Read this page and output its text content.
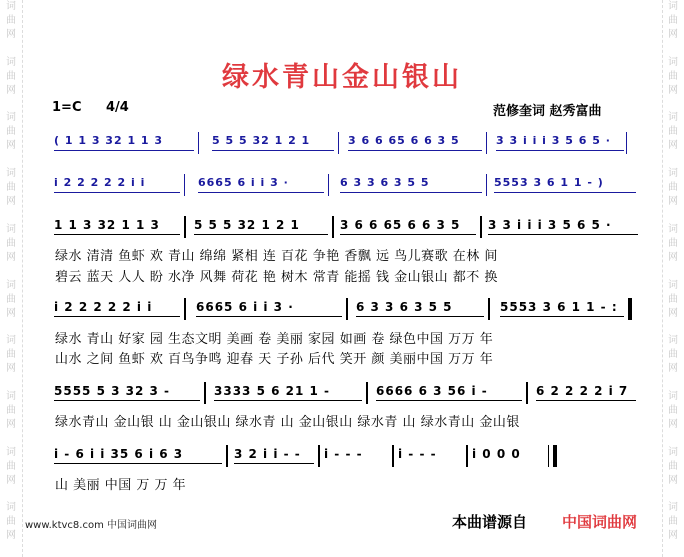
词
曲
网
词
曲
网
词
曲
网
词
曲
网
词
曲
网
词
曲
网
词
曲
网
词
曲
网
词
曲
网
词
曲
网
词
曲
网
词
曲
网
词
曲
网
词
曲
网
词
曲
网
词
曲
网
词
曲
网
词
曲
网
词
曲
网
词
曲
网
绿水青山金山银山
1=C 4/4	范修奎词 赵秀富曲
( 1 1 3 32 1 1 3	5 5 5 32 1 2 1	3 6 6 65 6 6 3 5	3 3 i i i 3 5 6 5 ·
i 2 2 2 2 2 i i	6665 6 i i 3 ·	6 3 3 6 3 5 5	5553 3 6 1 1 - )
1 1 3 32 1 1 3	5 5 5 32 1 2 1	3 6 6 65 6 6 3 5	3 3 i i i 3 5 6 5 ·
绿水 清清 鱼虾 欢 青山 绵绵 紧相 连 百花 争艳 香飘 远 鸟儿赛歌 在林 间
碧云 蓝天 人人 盼 水净 风舞 荷花 艳 树木 常青 能摇 钱 金山银山 都不 换
i 2 2 2 2 2 i i	6665 6 i i 3 ·	6 3 3 6 3 5 5	5553 3 6 1 1 - :
绿水 青山 好家 园 生态文明 美画 卷 美丽 家园 如画 卷 绿色中国 万万 年
山水 之间 鱼虾 欢 百鸟争鸣 迎春 天 子孙 后代 笑开 颜 美丽中国 万万 年
5555 5 3 32 3 -	3333 5 6 21 1 -	6666 6 3 56 i -	6 2 2 2 2 i 7
绿水青山 金山银 山 金山银山 绿水青 山 金山银山 绿水青 山 绿水青山 金山银
i - 6 i i 35 6 i 6 3	3 2 i i - -	i - - -	i - - -	i 0 0 0
山 美丽 中国 万 万 年
www.ktvc8.com 中国词曲网	本曲谱源自 中国词曲网
